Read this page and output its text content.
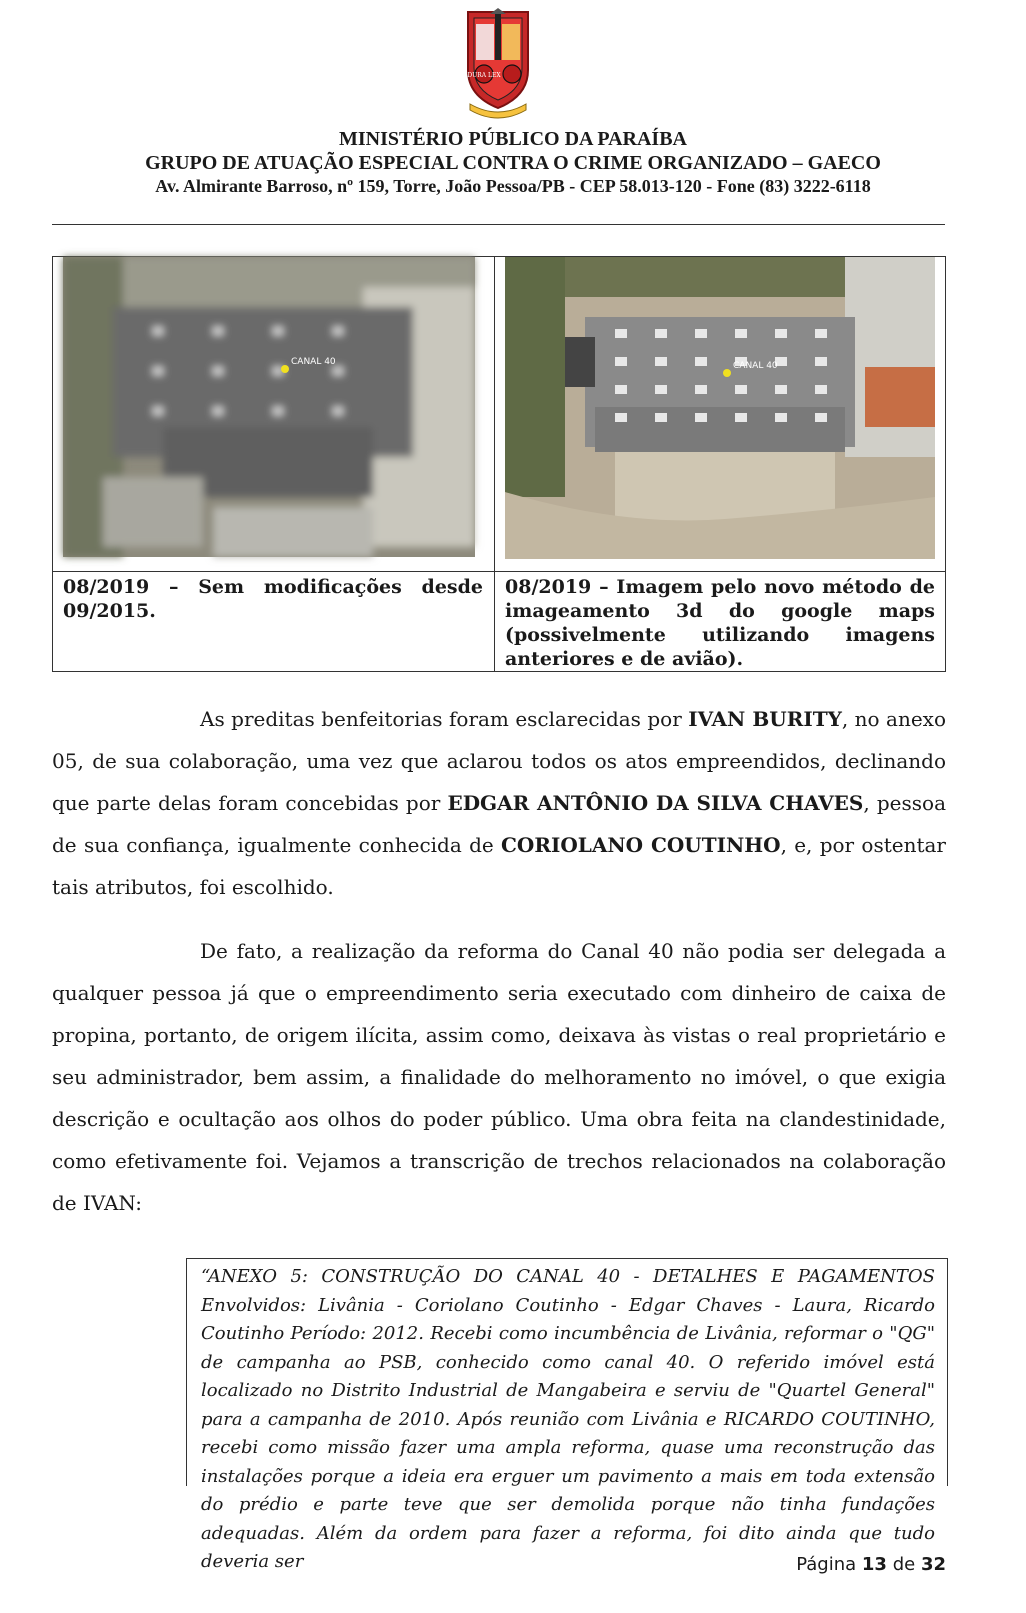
DURA LEX
MINISTÉRIO PÚBLICO DA PARAÍBA
GRUPO DE ATUAÇÃO ESPECIAL CONTRA O CRIME ORGANIZADO – GAECO
Av. Almirante Barroso, nº 159, Torre, João Pessoa/PB - CEP 58.013-120 - Fone (83) 3222-6118
CANAL 40	CANAL 40
08/2019 – Sem modificações desde 09/2015.
08/2019 – Imagem pelo novo método de imageamento 3d do google maps (possivelmente utilizando imagens anteriores e de avião).
As preditas benfeitorias foram esclarecidas por IVAN BURITY, no anexo 05, de sua colaboração, uma vez que aclarou todos os atos empreendidos, declinando que parte delas foram concebidas por EDGAR ANTÔNIO DA SILVA CHAVES, pessoa de sua confiança, igualmente conhecida de CORIOLANO COUTINHO, e, por ostentar tais atributos, foi escolhido.
De fato, a realização da reforma do Canal 40 não podia ser delegada a qualquer pessoa já que o empreendimento seria executado com dinheiro de caixa de propina, portanto, de origem ilícita, assim como, deixava às vistas o real proprietário e seu administrador, bem assim, a finalidade do melhoramento no imóvel, o que exigia descrição e ocultação aos olhos do poder público. Uma obra feita na clandestinidade, como efetivamente foi. Vejamos a transcrição de trechos relacionados na colaboração de IVAN:
“ANEXO 5: CONSTRUÇÃO DO CANAL 40 - DETALHES E PAGAMENTOS Envolvidos: Livânia - Coriolano Coutinho - Edgar Chaves - Laura, Ricardo Coutinho Período: 2012. Recebi como incumbência de Livânia, reformar o "QG" de campanha ao PSB, conhecido como canal 40. O referido imóvel está localizado no Distrito Industrial de Mangabeira e serviu de "Quartel General" para a campanha de 2010. Após reunião com Livânia e RICARDO COUTINHO, recebi como missão fazer uma ampla reforma, quase uma reconstrução das instalações porque a ideia era erguer um pavimento a mais em toda extensão do prédio e parte teve que ser demolida porque não tinha fundações adequadas. Além da ordem para fazer a reforma, foi dito ainda que tudo deveria ser	Página 13 de 32
